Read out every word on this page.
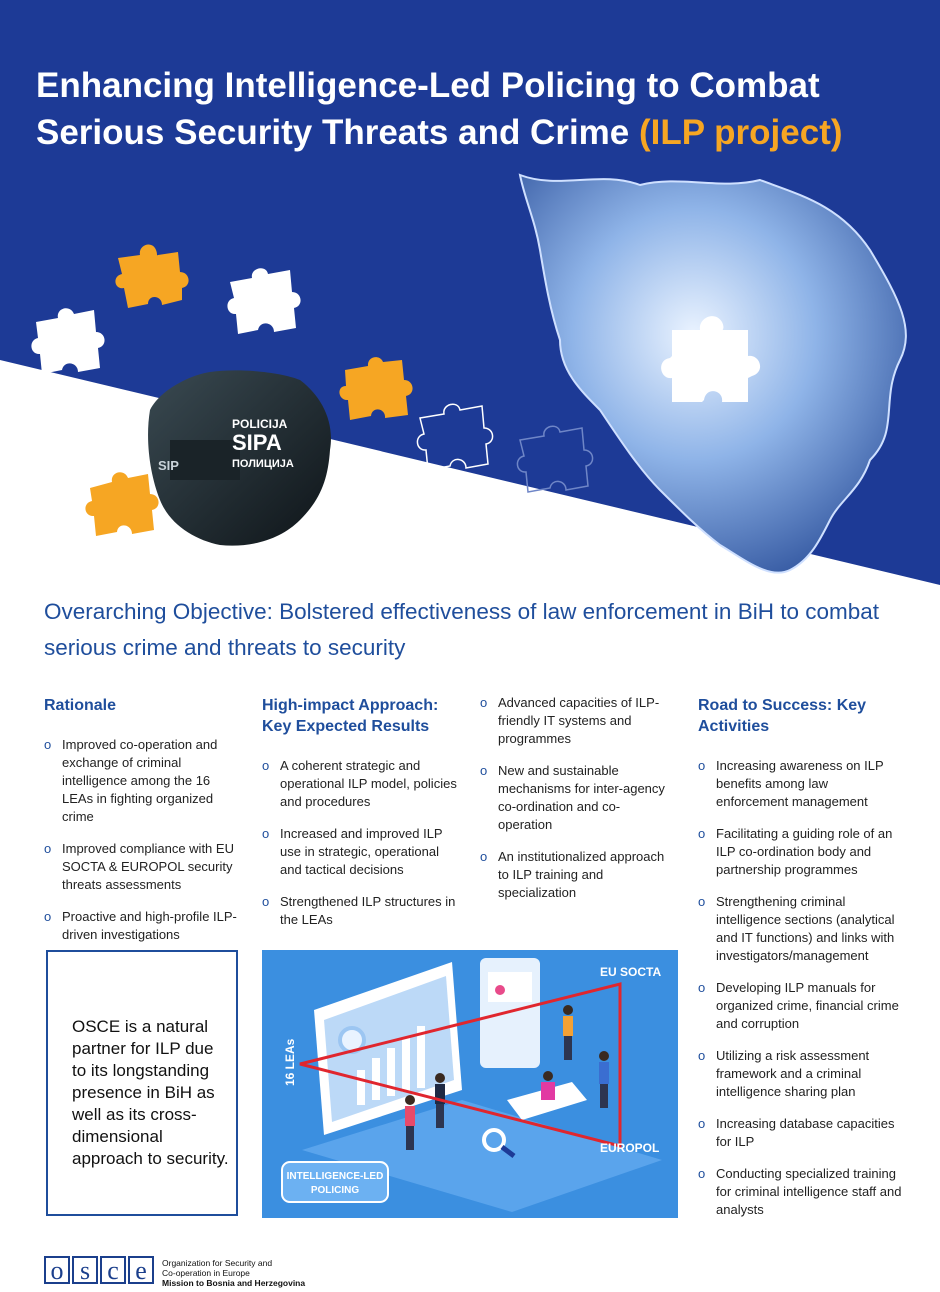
POLICIJA
SIPA
ПОЛИЦИЈА
SIP
Enhancing Intelligence-Led Policing to Combat Serious Security Threats and Crime (ILP project)
Overarching Objective: Bolstered effectiveness of law enforcement in BiH to combat serious crime and threats to security
Rationale
o Improved co-operation and exchange of criminal intelligence among the 16 LEAs in fighting organized crime
o Improved compliance with EU SOCTA & EUROPOL security threats assessments
o Proactive and high-profile ILP-driven investigations
High-impact Approach: Key Expected Results
o A coherent strategic and operational ILP model, policies and procedures
o Increased and improved ILP use in strategic, operational and tactical decisions
o Strengthened ILP structures in the LEAs
o Advanced capacities of ILP-friendly IT systems and programmes
o New and sustainable mechanisms for inter-agency co-ordination and co-operation
o An institutionalized approach to ILP training and specialization
Road to Success: Key Activities
o Increasing awareness on ILP benefits among law enforcement management
o Facilitating a guiding role of an ILP co-ordination body and partnership programmes
o Strengthening criminal intelligence sections (analytical and IT functions) and links with investigators/management
o Developing ILP manuals for organized crime, financial crime and corruption
o Utilizing a risk assessment framework and a criminal intelligence sharing plan
o Increasing database capacities for ILP
o Conducting specialized training for criminal intelligence staff and analysts

OSCE is a natural partner for ILP due to its longstanding presence in BiH as well as its cross-dimensional approach to security.

EU SOCTA
EUROPOL
16 LEAs
INTELLIGENCE-LED
POLICING
o s c e	Organization for Security and
Co-operation in Europe
Mission to Bosnia and Herzegovina
